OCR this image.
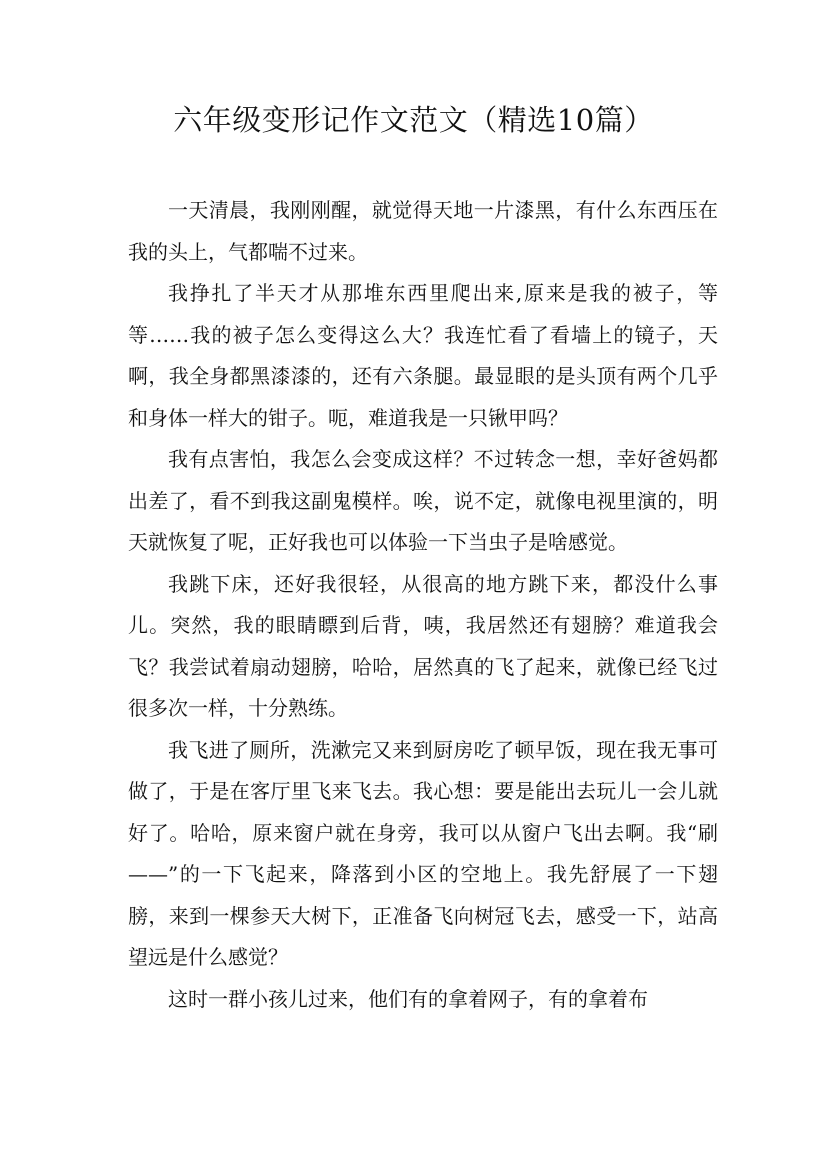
六年级变形记作文范文（精选10篇）

一天清晨，我刚刚醒，就觉得天地一片漆黑，有什么东西压在我的头上，气都喘不过来。

我挣扎了半天才从那堆东西里爬出来,原来是我的被子，等等……我的被子怎么变得这么大？我连忙看了看墙上的镜子，天啊，我全身都黑漆漆的，还有六条腿。最显眼的是头顶有两个几乎和身体一样大的钳子。呃，难道我是一只锹甲吗？

我有点害怕，我怎么会变成这样？不过转念一想，幸好爸妈都出差了，看不到我这副鬼模样。唉，说不定，就像电视里演的，明天就恢复了呢，正好我也可以体验一下当虫子是啥感觉。

我跳下床，还好我很轻，从很高的地方跳下来，都没什么事儿。突然，我的眼睛瞟到后背，咦，我居然还有翅膀？难道我会飞？我尝试着扇动翅膀，哈哈，居然真的飞了起来，就像已经飞过很多次一样，十分熟练。

我飞进了厕所，洗漱完又来到厨房吃了顿早饭，现在我无事可做了，于是在客厅里飞来飞去。我心想：要是能出去玩儿一会儿就好了。哈哈，原来窗户就在身旁，我可以从窗户飞出去啊。我“刷——”的一下飞起来，降落到小区的空地上。我先舒展了一下翅膀，来到一棵参天大树下，正准备飞向树冠飞去，感受一下，站高望远是什么感觉？

这时一群小孩儿过来，他们有的拿着网子，有的拿着布
